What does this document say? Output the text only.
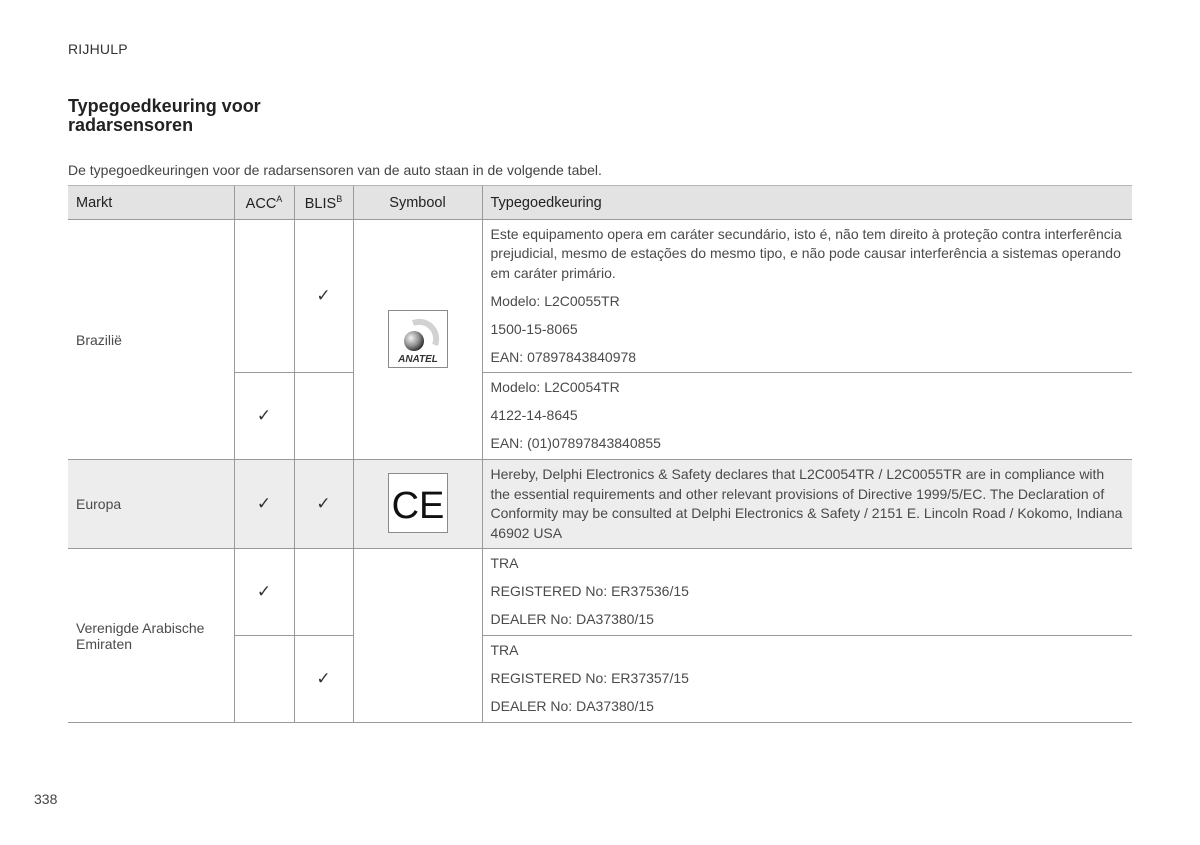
RIJHULP
Typegoedkeuring voor
radarsensoren
De typegoedkeuringen voor de radarsensoren van de auto staan in de volgende tabel.
Markt	$ACC^A$	$BLIS^B$	Symbool	Typegoedkeuring
Brazilië		✓	ANATEL	Este equipamento opera em caráter secundário, isto é, não tem direito à proteção contra interferência prejudicial, mesmo de estações do mesmo tipo, e não pode causar interferência a sistemas operando em caráter primário.

Modelo: L2C0055TR

1500-15-8065

EAN: 07897843840978

	✓			Modelo: L2C0054TR

4122-14-8645

EAN: (01)07897843840855

Europa	✓	✓	CE	Hereby, Delphi Electronics & Safety declares that L2C0054TR / L2C0055TR are in compliance with the essential requirements and other relevant provisions of Directive 1999/5/EC. The Declaration of Conformity may be consulted at Delphi Electronics & Safety / 2151 E. Lincoln Road / Kokomo, Indiana 46902 USA

Verenigde Arabische Emiraten	✓			TRA

REGISTERED No: ER37536/15

DEALER No: DA37380/15

		✓		TRA

REGISTERED No: ER37357/15

DEALER No: DA37380/15

338
